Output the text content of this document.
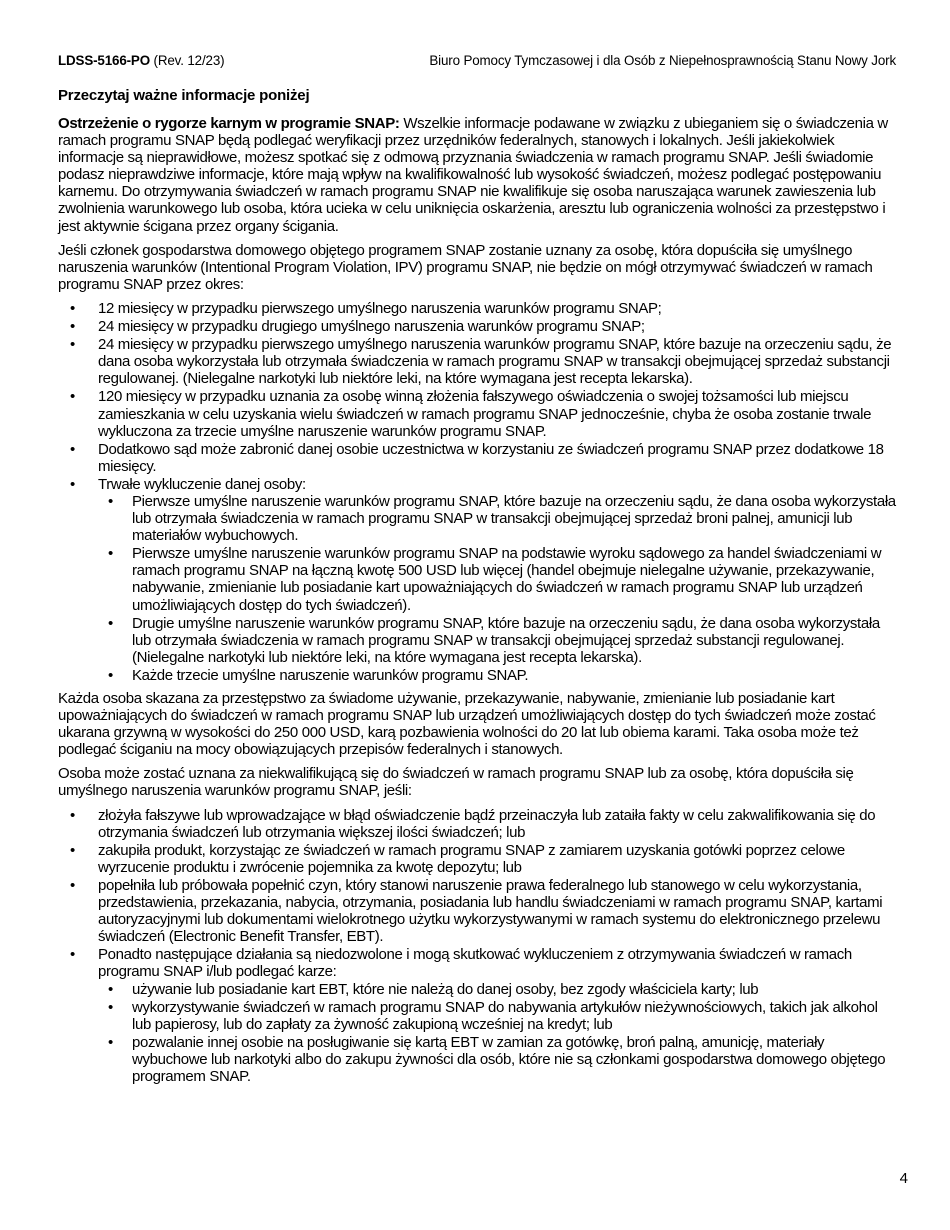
LDSS-5166-PO (Rev. 12/23)	Biuro Pomocy Tymczasowej i dla Osób z Niepełnosprawnością Stanu Nowy Jork
Przeczytaj ważne informacje poniżej

Ostrzeżenie o rygorze karnym w programie SNAP: Wszelkie informacje podawane w związku z ubieganiem się o świadczenia w ramach programu SNAP będą podlegać weryfikacji przez urzędników federalnych, stanowych i lokalnych. Jeśli jakiekolwiek informacje są nieprawidłowe, możesz spotkać się z odmową przyznania świadczenia w ramach programu SNAP. Jeśli świadomie podasz nieprawdziwe informacje, które mają wpływ na kwalifikowalność lub wysokość świadczeń, możesz podlegać postępowaniu karnemu. Do otrzymywania świadczeń w ramach programu SNAP nie kwalifikuje się osoba naruszająca warunek zawieszenia lub zwolnienia warunkowego lub osoba, która ucieka w celu uniknięcia oskarżenia, aresztu lub ograniczenia wolności za przestępstwo i jest aktywnie ścigana przez organy ścigania.

Jeśli członek gospodarstwa domowego objętego programem SNAP zostanie uznany za osobę, która dopuściła się umyślnego naruszenia warunków (Intentional Program Violation, IPV) programu SNAP, nie będzie on mógł otrzymywać świadczeń w ramach programu SNAP przez okres:

• 12 miesięcy w przypadku pierwszego umyślnego naruszenia warunków programu SNAP;
• 24 miesięcy w przypadku drugiego umyślnego naruszenia warunków programu SNAP;
• 24 miesięcy w przypadku pierwszego umyślnego naruszenia warunków programu SNAP, które bazuje na orzeczeniu sądu, że dana osoba wykorzystała lub otrzymała świadczenia w ramach programu SNAP w transakcji obejmującej sprzedaż substancji regulowanej. (Nielegalne narkotyki lub niektóre leki, na które wymagana jest recepta lekarska).
• 120 miesięcy w przypadku uznania za osobę winną złożenia fałszywego oświadczenia o swojej tożsamości lub miejscu zamieszkania w celu uzyskania wielu świadczeń w ramach programu SNAP jednocześnie, chyba że osoba zostanie trwale wykluczona za trzecie umyślne naruszenie warunków programu SNAP.
• Dodatkowo sąd może zabronić danej osobie uczestnictwa w korzystaniu ze świadczeń programu SNAP przez dodatkowe 18 miesięcy.
• Trwałe wykluczenie danej osoby:
• Pierwsze umyślne naruszenie warunków programu SNAP, które bazuje na orzeczeniu sądu, że dana osoba wykorzystała lub otrzymała świadczenia w ramach programu SNAP w transakcji obejmującej sprzedaż broni palnej, amunicji lub materiałów wybuchowych.
• Pierwsze umyślne naruszenie warunków programu SNAP na podstawie wyroku sądowego za handel świadczeniami w ramach programu SNAP na łączną kwotę 500 USD lub więcej (handel obejmuje nielegalne używanie, przekazywanie, nabywanie, zmienianie lub posiadanie kart upoważniających do świadczeń w ramach programu SNAP lub urządzeń umożliwiających dostęp do tych świadczeń).
• Drugie umyślne naruszenie warunków programu SNAP, które bazuje na orzeczeniu sądu, że dana osoba wykorzystała lub otrzymała świadczenia w ramach programu SNAP w transakcji obejmującej sprzedaż substancji regulowanej. (Nielegalne narkotyki lub niektóre leki, na które wymagana jest recepta lekarska).
• Każde trzecie umyślne naruszenie warunków programu SNAP.

Każda osoba skazana za przestępstwo za świadome używanie, przekazywanie, nabywanie, zmienianie lub posiadanie kart upoważniających do świadczeń w ramach programu SNAP lub urządzeń umożliwiających dostęp do tych świadczeń może zostać ukarana grzywną w wysokości do 250 000 USD, karą pozbawienia wolności do 20 lat lub obiema karami. Taka osoba może też podlegać ściganiu na mocy obowiązujących przepisów federalnych i stanowych.

Osoba może zostać uznana za niekwalifikującą się do świadczeń w ramach programu SNAP lub za osobę, która dopuściła się umyślnego naruszenia warunków programu SNAP, jeśli:

• złożyła fałszywe lub wprowadzające w błąd oświadczenie bądź przeinaczyła lub zataiła fakty w celu zakwalifikowania się do otrzymania świadczeń lub otrzymania większej ilości świadczeń; lub
• zakupiła produkt, korzystając ze świadczeń w ramach programu SNAP z zamiarem uzyskania gotówki poprzez celowe wyrzucenie produktu i zwrócenie pojemnika za kwotę depozytu; lub
• popełniła lub próbowała popełnić czyn, który stanowi naruszenie prawa federalnego lub stanowego w celu wykorzystania, przedstawienia, przekazania, nabycia, otrzymania, posiadania lub handlu świadczeniami w ramach programu SNAP, kartami autoryzacyjnymi lub dokumentami wielokrotnego użytku wykorzystywanymi w ramach systemu do elektronicznego przelewu świadczeń (Electronic Benefit Transfer, EBT).
• Ponadto następujące działania są niedozwolone i mogą skutkować wykluczeniem z otrzymywania świadczeń w ramach programu SNAP i/lub podlegać karze:
• używanie lub posiadanie kart EBT, które nie należą do danej osoby, bez zgody właściciela karty; lub
• wykorzystywanie świadczeń w ramach programu SNAP do nabywania artykułów nieżywnościowych, takich jak alkohol lub papierosy, lub do zapłaty za żywność zakupioną wcześniej na kredyt; lub
• pozwalanie innej osobie na posługiwanie się kartą EBT w zamian za gotówkę, broń palną, amunicję, materiały wybuchowe lub narkotyki albo do zakupu żywności dla osób, które nie są członkami gospodarstwa domowego objętego programem SNAP.
4
